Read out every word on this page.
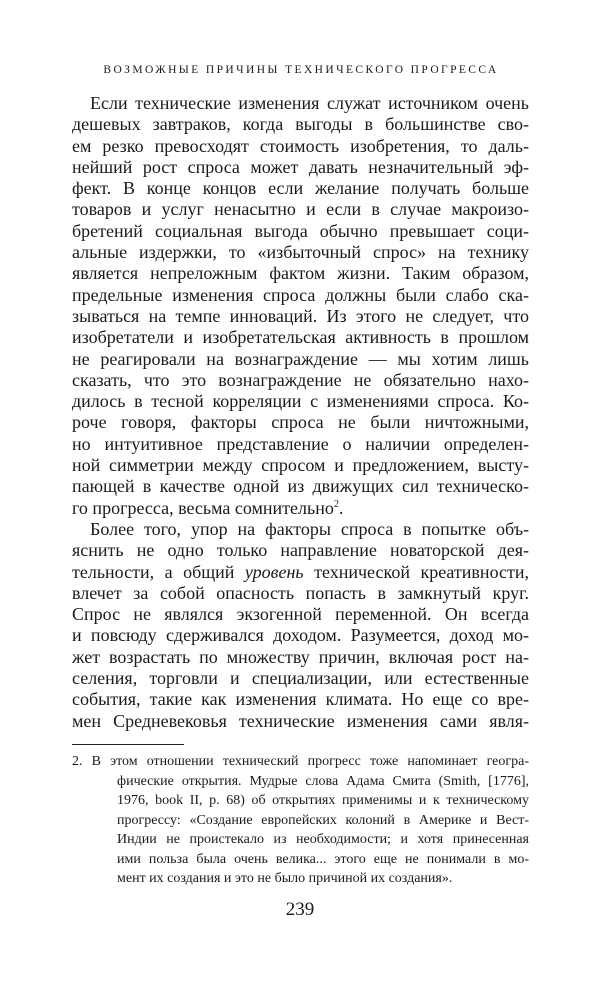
ВОЗМОЖНЫЕ ПРИЧИНЫ ТЕХНИЧЕСКОГО ПРОГРЕССА
Если технические изменения служат источником очень
дешевых завтраков, когда выгоды в большинстве сво-
ем резко превосходят стоимость изобретения, то даль-
нейший рост спроса может давать незначительный эф-
фект. В конце концов если желание получать больше
товаров и услуг ненасытно и если в случае макроизо-
бретений социальная выгода обычно превышает соци-
альные издержки, то «избыточный спрос» на технику
является непреложным фактом жизни. Таким образом,
предельные изменения спроса должны были слабо ска-
зываться на темпе инноваций. Из этого не следует, что
изобретатели и изобретательская активность в прошлом
не реагировали на вознаграждение — мы хотим лишь
сказать, что это вознаграждение не обязательно нахо-
дилось в тесной корреляции с изменениями спроса. Ко-
роче говоря, факторы спроса не были ничтожными,
но интуитивное представление о наличии определен-
ной симметрии между спросом и предложением, высту-
пающей в качестве одной из движущих сил техническо-
го прогресса, весьма сомнительно$^2$.
Более того, упор на факторы спроса в попытке объ-
яснить не одно только направление новаторской дея-
тельности, а общий уровень технической креативности,
влечет за собой опасность попасть в замкнутый круг.
Спрос не являлся экзогенной переменной. Он всегда
и повсюду сдерживался доходом. Разумеется, доход мо-
жет возрастать по множеству причин, включая рост на-
селения, торговли и специализации, или естественные
события, такие как изменения климата. Но еще со вре-
мен Средневековья технические изменения сами явля-
2. В этом отношении технический прогресс тоже напоминает геогра-
фические открытия. Мудрые слова Адама Смита (Smith, [1776],
1976, book II, p. 68) об открытиях применимы и к техническому
прогрессу: «Создание европейских колоний в Америке и Вест-
Индии не проистекало из необходимости; и хотя принесенная
ими польза была очень велика... этого еще не понимали в мо-
мент их создания и это не было причиной их создания».
239
